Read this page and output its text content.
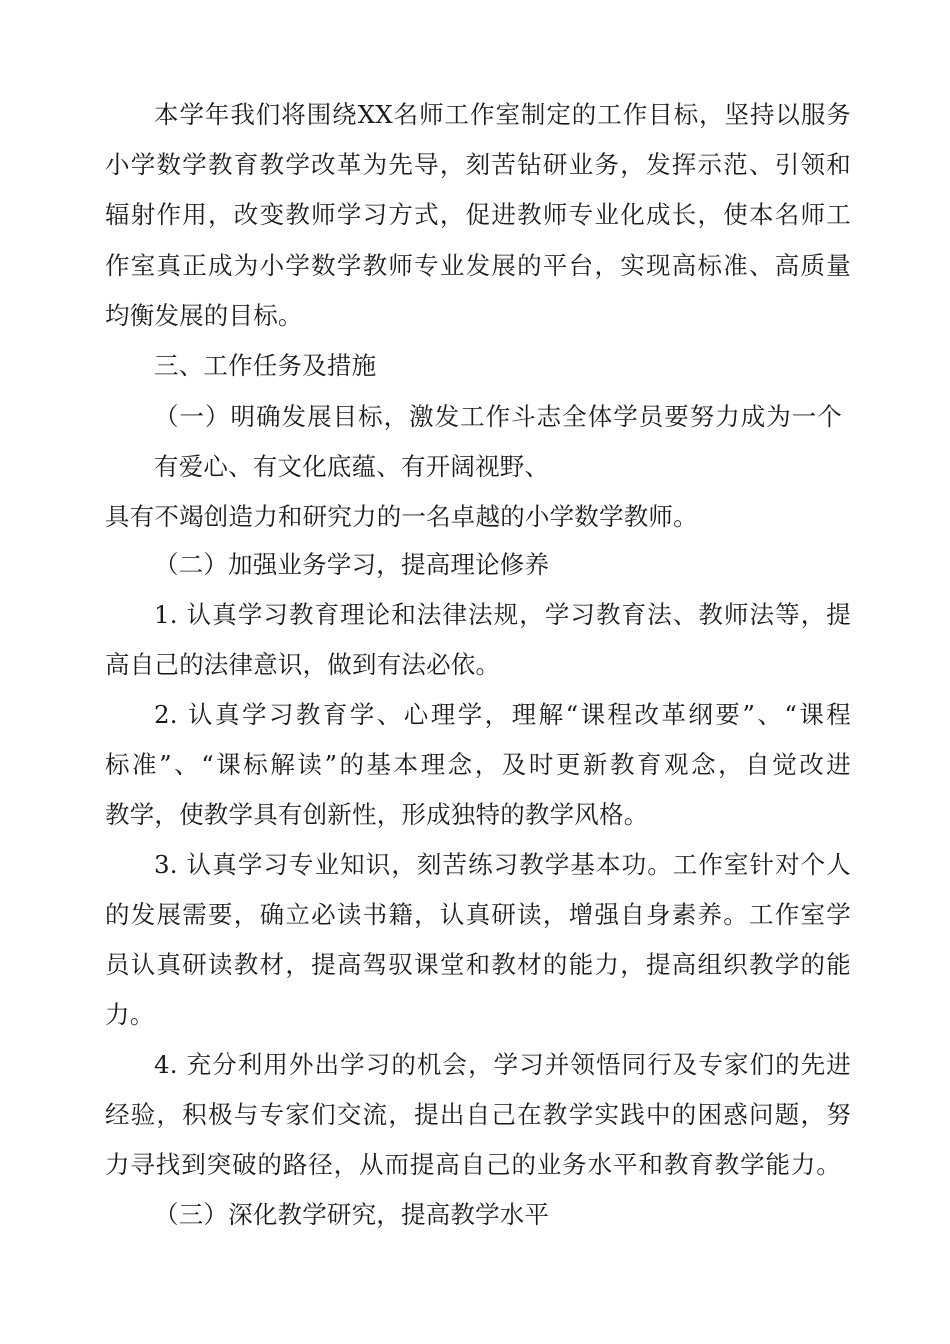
本学年我们将围绕XX名师工作室制定的工作目标，坚持以服务
小学数学教育教学改革为先导，刻苦钻研业务，发挥示范、引领和
辐射作用，改变教师学习方式，促进教师专业化成长，使本名师工
作室真正成为小学数学教师专业发展的平台，实现高标准、高质量
均衡发展的目标。
三、工作任务及措施
（一）明确发展目标，激发工作斗志全体学员要努力成为一个
有爱心、有文化底蕴、有开阔视野、
具有不竭创造力和研究力的一名卓越的小学数学教师。
（二）加强业务学习，提高理论修养
1. 认真学习教育理论和法律法规，学习教育法、教师法等，提
高自己的法律意识，做到有法必依。
2. 认真学习教育学、心理学，理解“课程改革纲要”、“课程
标准”、“课标解读”的基本理念，及时更新教育观念，自觉改进
教学，使教学具有创新性，形成独特的教学风格。
3. 认真学习专业知识，刻苦练习教学基本功。工作室针对个人
的发展需要，确立必读书籍，认真研读，增强自身素养。工作室学
员认真研读教材，提高驾驭课堂和教材的能力，提高组织教学的能
力。
4. 充分利用外出学习的机会，学习并领悟同行及专家们的先进
经验，积极与专家们交流，提出自己在教学实践中的困惑问题，努
力寻找到突破的路径，从而提高自己的业务水平和教育教学能力。
（三）深化教学研究，提高教学水平
